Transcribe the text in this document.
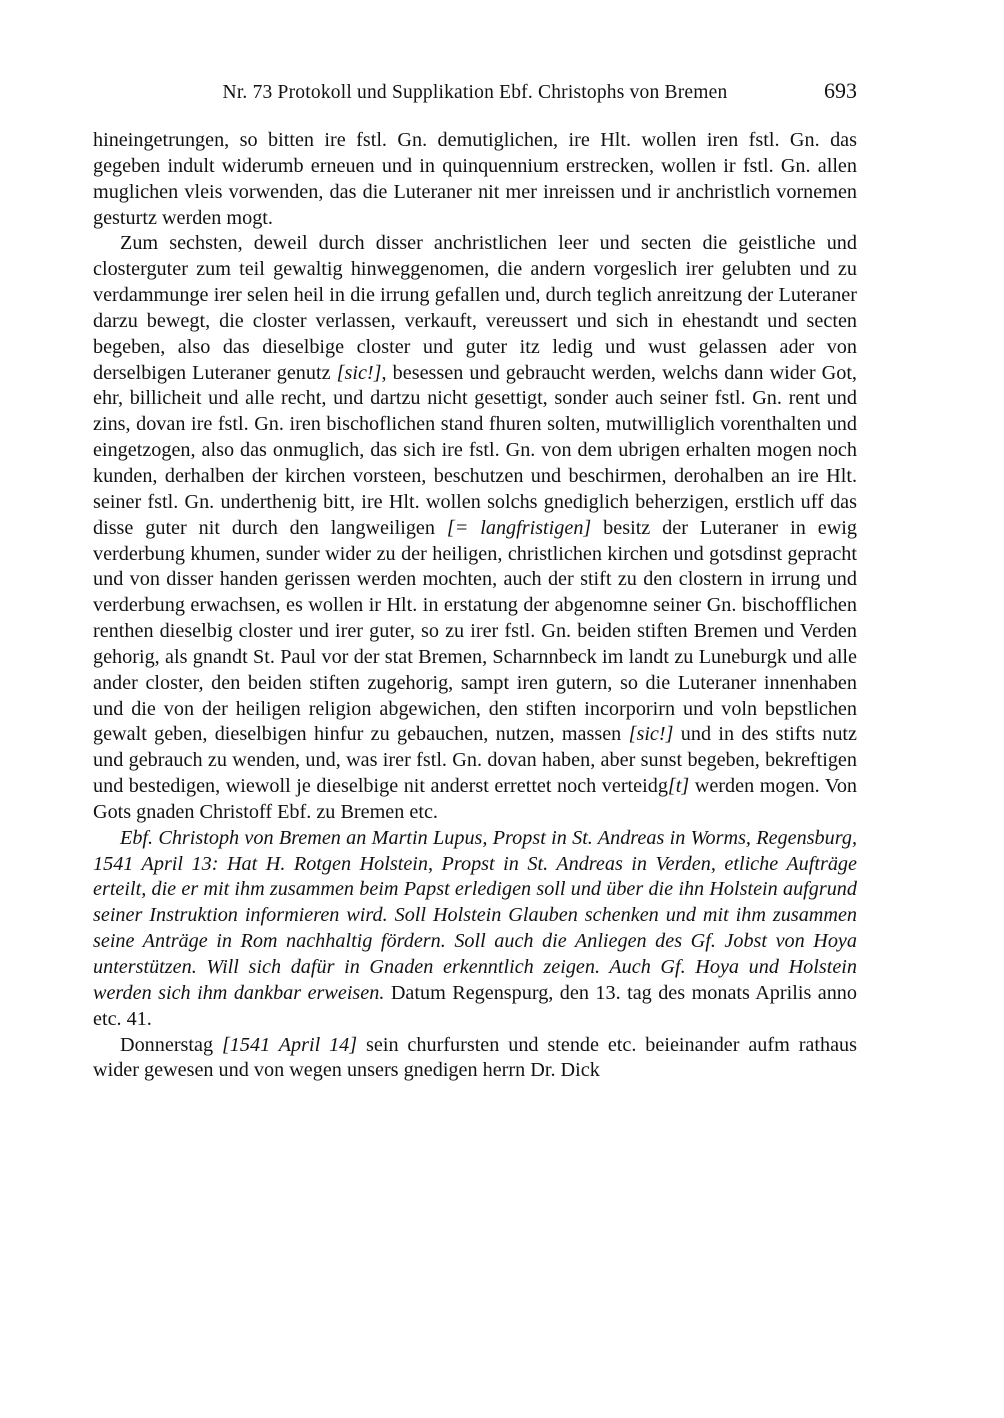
Nr. 73 Protokoll und Supplikation Ebf. Christophs von Bremen	693

hineingetrungen, so bitten ire fstl. Gn. demutiglichen, ire Hlt. wollen iren fstl. Gn. das gegeben indult widerumb erneuen und in quinquennium erstrecken, wollen ir fstl. Gn. allen muglichen vleis vorwenden, das die Luteraner nit mer inreissen und ir anchristlich vornemen gesturtz werden mogt.

Zum sechsten, deweil durch disser anchristlichen leer und secten die geistliche und closterguter zum teil gewaltig hinweggenomen, die andern vorgeslich irer gelubten und zu verdammunge irer selen heil in die irrung gefallen und, durch teglich anreitzung der Luteraner darzu bewegt, die closter verlassen, verkauft, vereussert und sich in ehestandt und secten begeben, also das dieselbige closter und guter itz ledig und wust gelassen ader von derselbigen Luteraner genutz [sic!], besessen und gebraucht werden, welchs dann wider Got, ehr, billicheit und alle recht, und dartzu nicht gesettigt, sonder auch seiner fstl. Gn. rent und zins, dovan ire fstl. Gn. iren bischoflichen stand fhuren solten, mutwilliglich vorenthalten und eingetzogen, also das onmuglich, das sich ire fstl. Gn. von dem ubrigen erhalten mogen noch kunden, derhalben der kirchen vorsteen, beschutzen und beschirmen, derohalben an ire Hlt. seiner fstl. Gn. underthenig bitt, ire Hlt. wollen solchs gnediglich beherzigen, erstlich uff das disse guter nit durch den langweiligen [= langfristigen] besitz der Luteraner in ewig verderbung khumen, sunder wider zu der heiligen, christlichen kirchen und gotsdinst gepracht und von disser handen gerissen werden mochten, auch der stift zu den clostern in irrung und verderbung erwachsen, es wollen ir Hlt. in erstatung der abgenomne seiner Gn. bischofflichen renthen dieselbig closter und irer guter, so zu irer fstl. Gn. beiden stiften Bremen und Verden gehorig, als gnandt St. Paul vor der stat Bremen, Scharnnbeck im landt zu Luneburgk und alle ander closter, den beiden stiften zugehorig, sampt iren gutern, so die Luteraner innenhaben und die von der heiligen religion abgewichen, den stiften incorporirn und voln bepstlichen gewalt geben, dieselbigen hinfur zu gebauchen, nutzen, massen [sic!] und in des stifts nutz und gebrauch zu wenden, und, was irer fstl. Gn. dovan haben, aber sunst begeben, bekreftigen und bestedigen, wiewoll je dieselbige nit anderst errettet noch verteidg[t] werden mogen. Von Gots gnaden Christoff Ebf. zu Bremen etc.

Ebf. Christoph von Bremen an Martin Lupus, Propst in St. Andreas in Worms, Regensburg, 1541 April 13: Hat H. Rotgen Holstein, Propst in St. Andreas in Verden, etliche Aufträge erteilt, die er mit ihm zusammen beim Papst erledigen soll und über die ihn Holstein aufgrund seiner Instruktion informieren wird. Soll Holstein Glauben schenken und mit ihm zusammen seine Anträge in Rom nachhaltig fördern. Soll auch die Anliegen des Gf. Jobst von Hoya unterstützen. Will sich dafür in Gnaden erkenntlich zeigen. Auch Gf. Hoya und Holstein werden sich ihm dankbar erweisen. Datum Regenspurg, den 13. tag des monats Aprilis anno etc. 41.

Donnerstag [1541 April 14] sein churfursten und stende etc. beieinander aufm rathaus wider gewesen und von wegen unsers gnedigen herrn Dr. Dick
